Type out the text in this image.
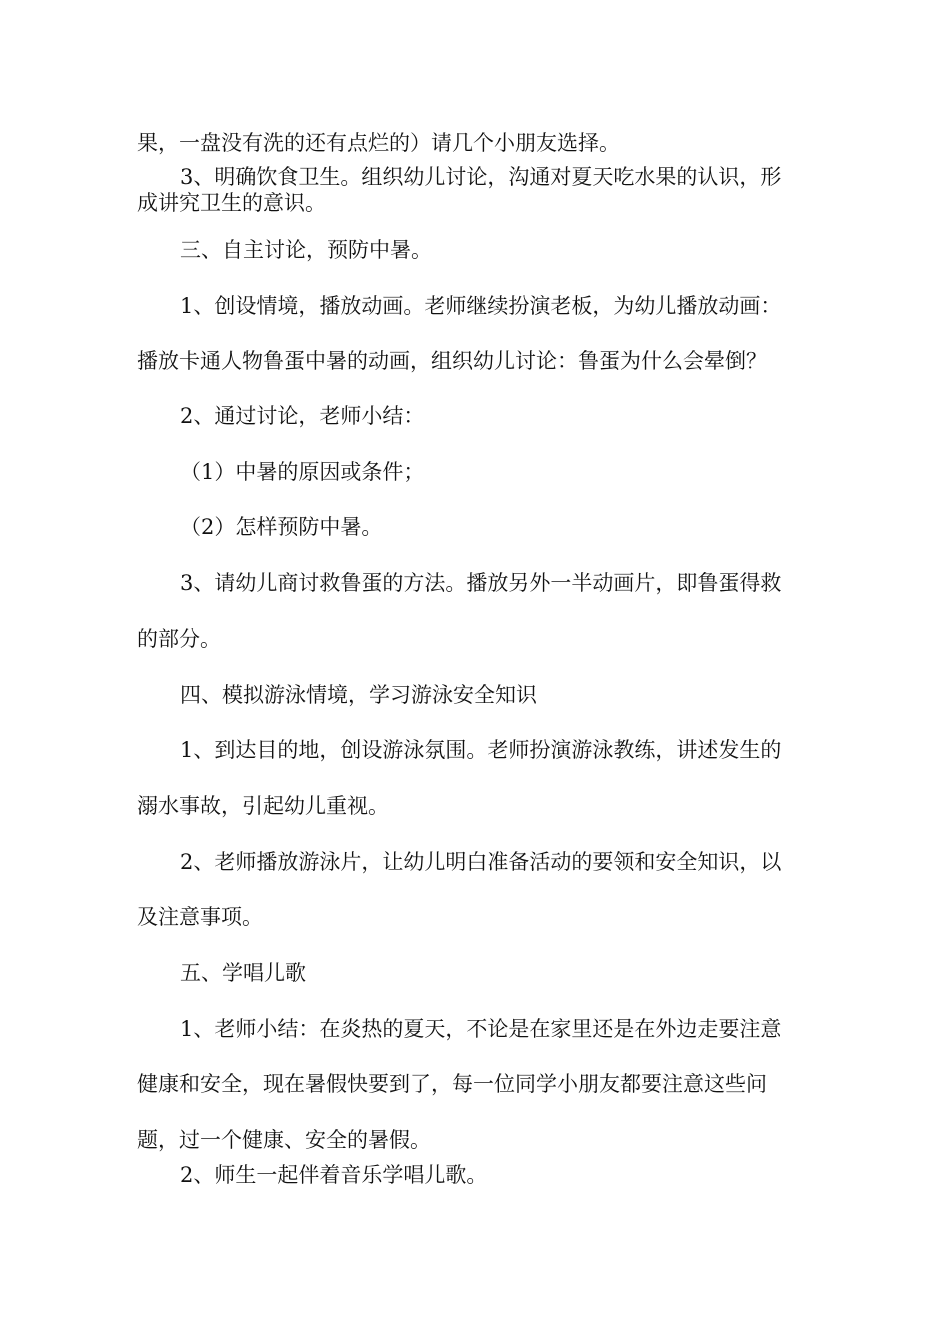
果，一盘没有洗的还有点烂的）请几个小朋友选择。
3、明确饮食卫生。组织幼儿讨论，沟通对夏天吃水果的认识，形
成讲究卫生的意识。
三、自主讨论，预防中暑。
1、创设情境，播放动画。老师继续扮演老板，为幼儿播放动画：
播放卡通人物鲁蛋中暑的动画，组织幼儿讨论：鲁蛋为什么会晕倒？
2、通过讨论，老师小结：
（1）中暑的原因或条件；
（2）怎样预防中暑。
3、请幼儿商讨救鲁蛋的方法。播放另外一半动画片，即鲁蛋得救
的部分。
四、模拟游泳情境，学习游泳安全知识
1、到达目的地，创设游泳氛围。老师扮演游泳教练，讲述发生的
溺水事故，引起幼儿重视。
2、老师播放游泳片，让幼儿明白准备活动的要领和安全知识，以
及注意事项。
五、学唱儿歌
1、老师小结：在炎热的夏天，不论是在家里还是在外边走要注意
健康和安全，现在暑假快要到了，每一位同学小朋友都要注意这些问
题，过一个健康、安全的暑假。
2、师生一起伴着音乐学唱儿歌。
